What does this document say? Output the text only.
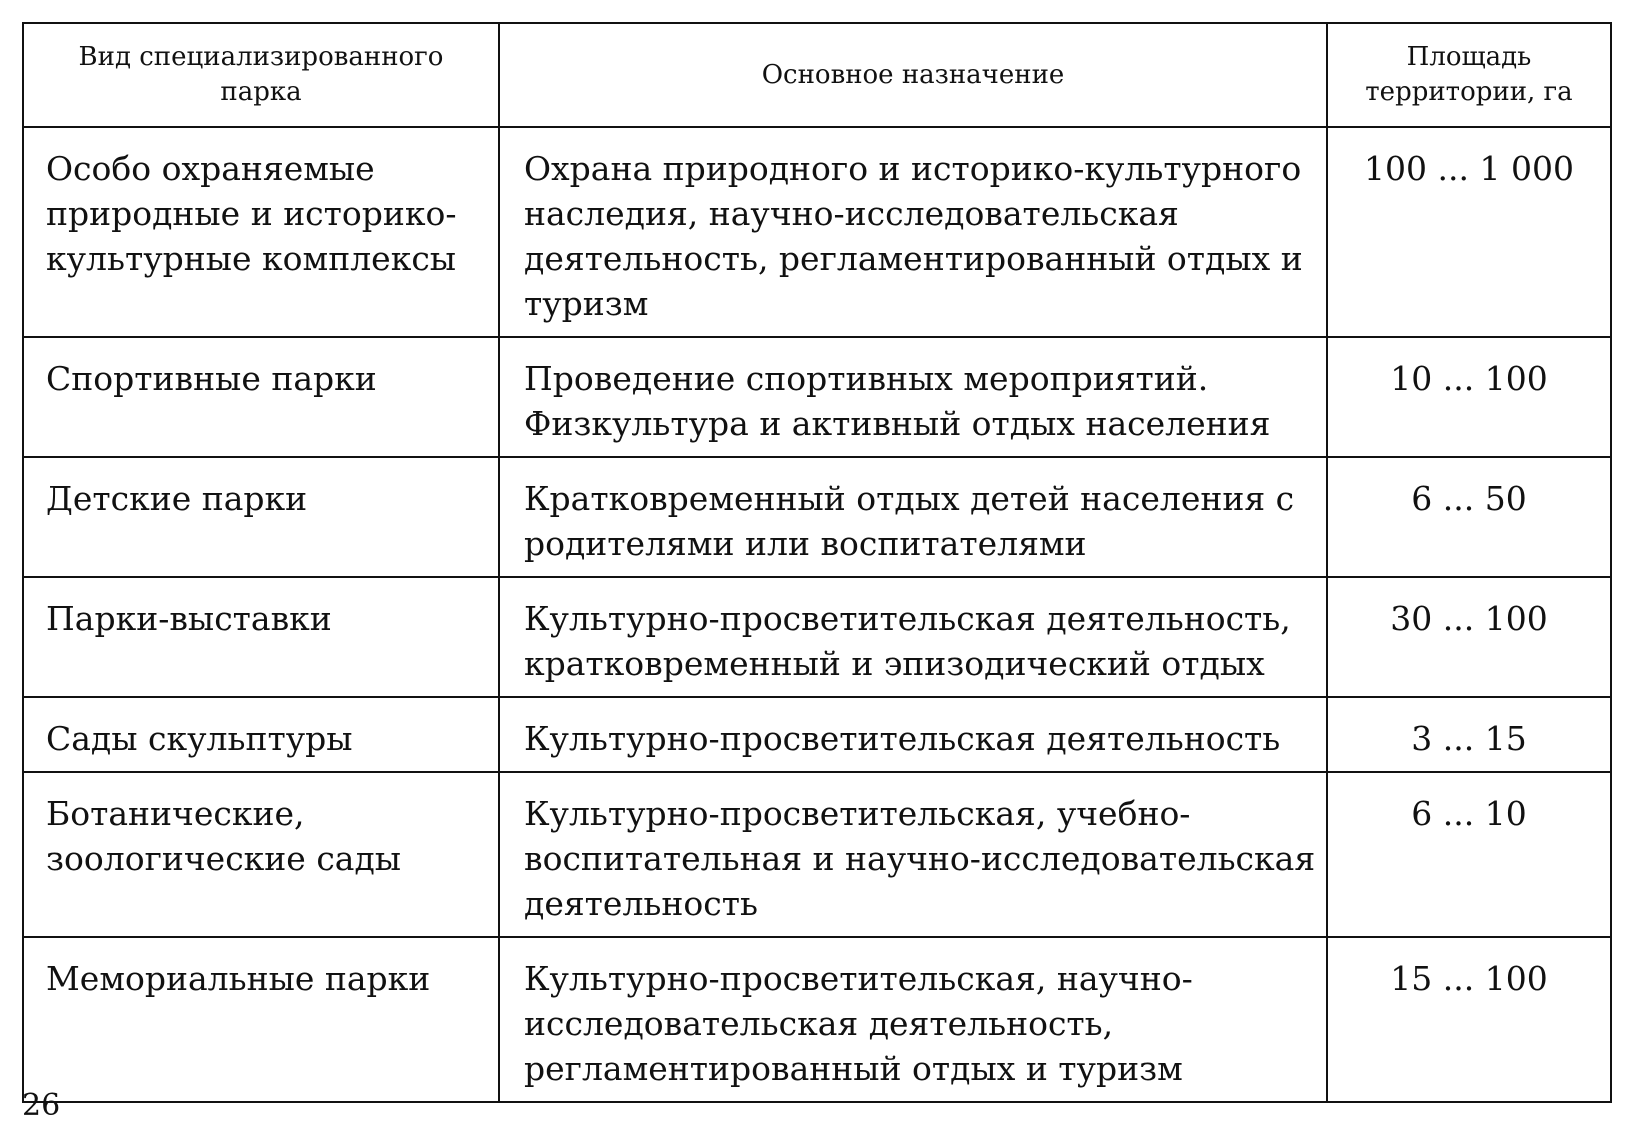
Вид специализированного парка	Основное назначение	Площадь территории, га
Особо охраняемые природные и историко-культурные комплексы	Охрана природного и историко-культурного наследия, научно-исследовательская деятельность, регламентированный отдых и туризм	100 ... 1 000
Спортивные парки	Проведение спортивных мероприятий. Физкультура и активный отдых населения	10 ... 100
Детские парки	Кратковременный отдых детей населения с родителями или воспитателями	6 ... 50
Парки-выставки	Культурно-просветительская деятельность, кратковременный и эпизодический отдых	30 ... 100
Сады скульптуры	Культурно-просветительская деятельность	3 ... 15
Ботанические, зоологические сады	Культурно-просветительская, учебно-воспитательная и научно-исследовательская деятельность	6 ... 10
Мемориальные парки	Культурно-просветительская, научно-исследовательская деятельность, регламентированный отдых и туризм	15 ... 100
26
